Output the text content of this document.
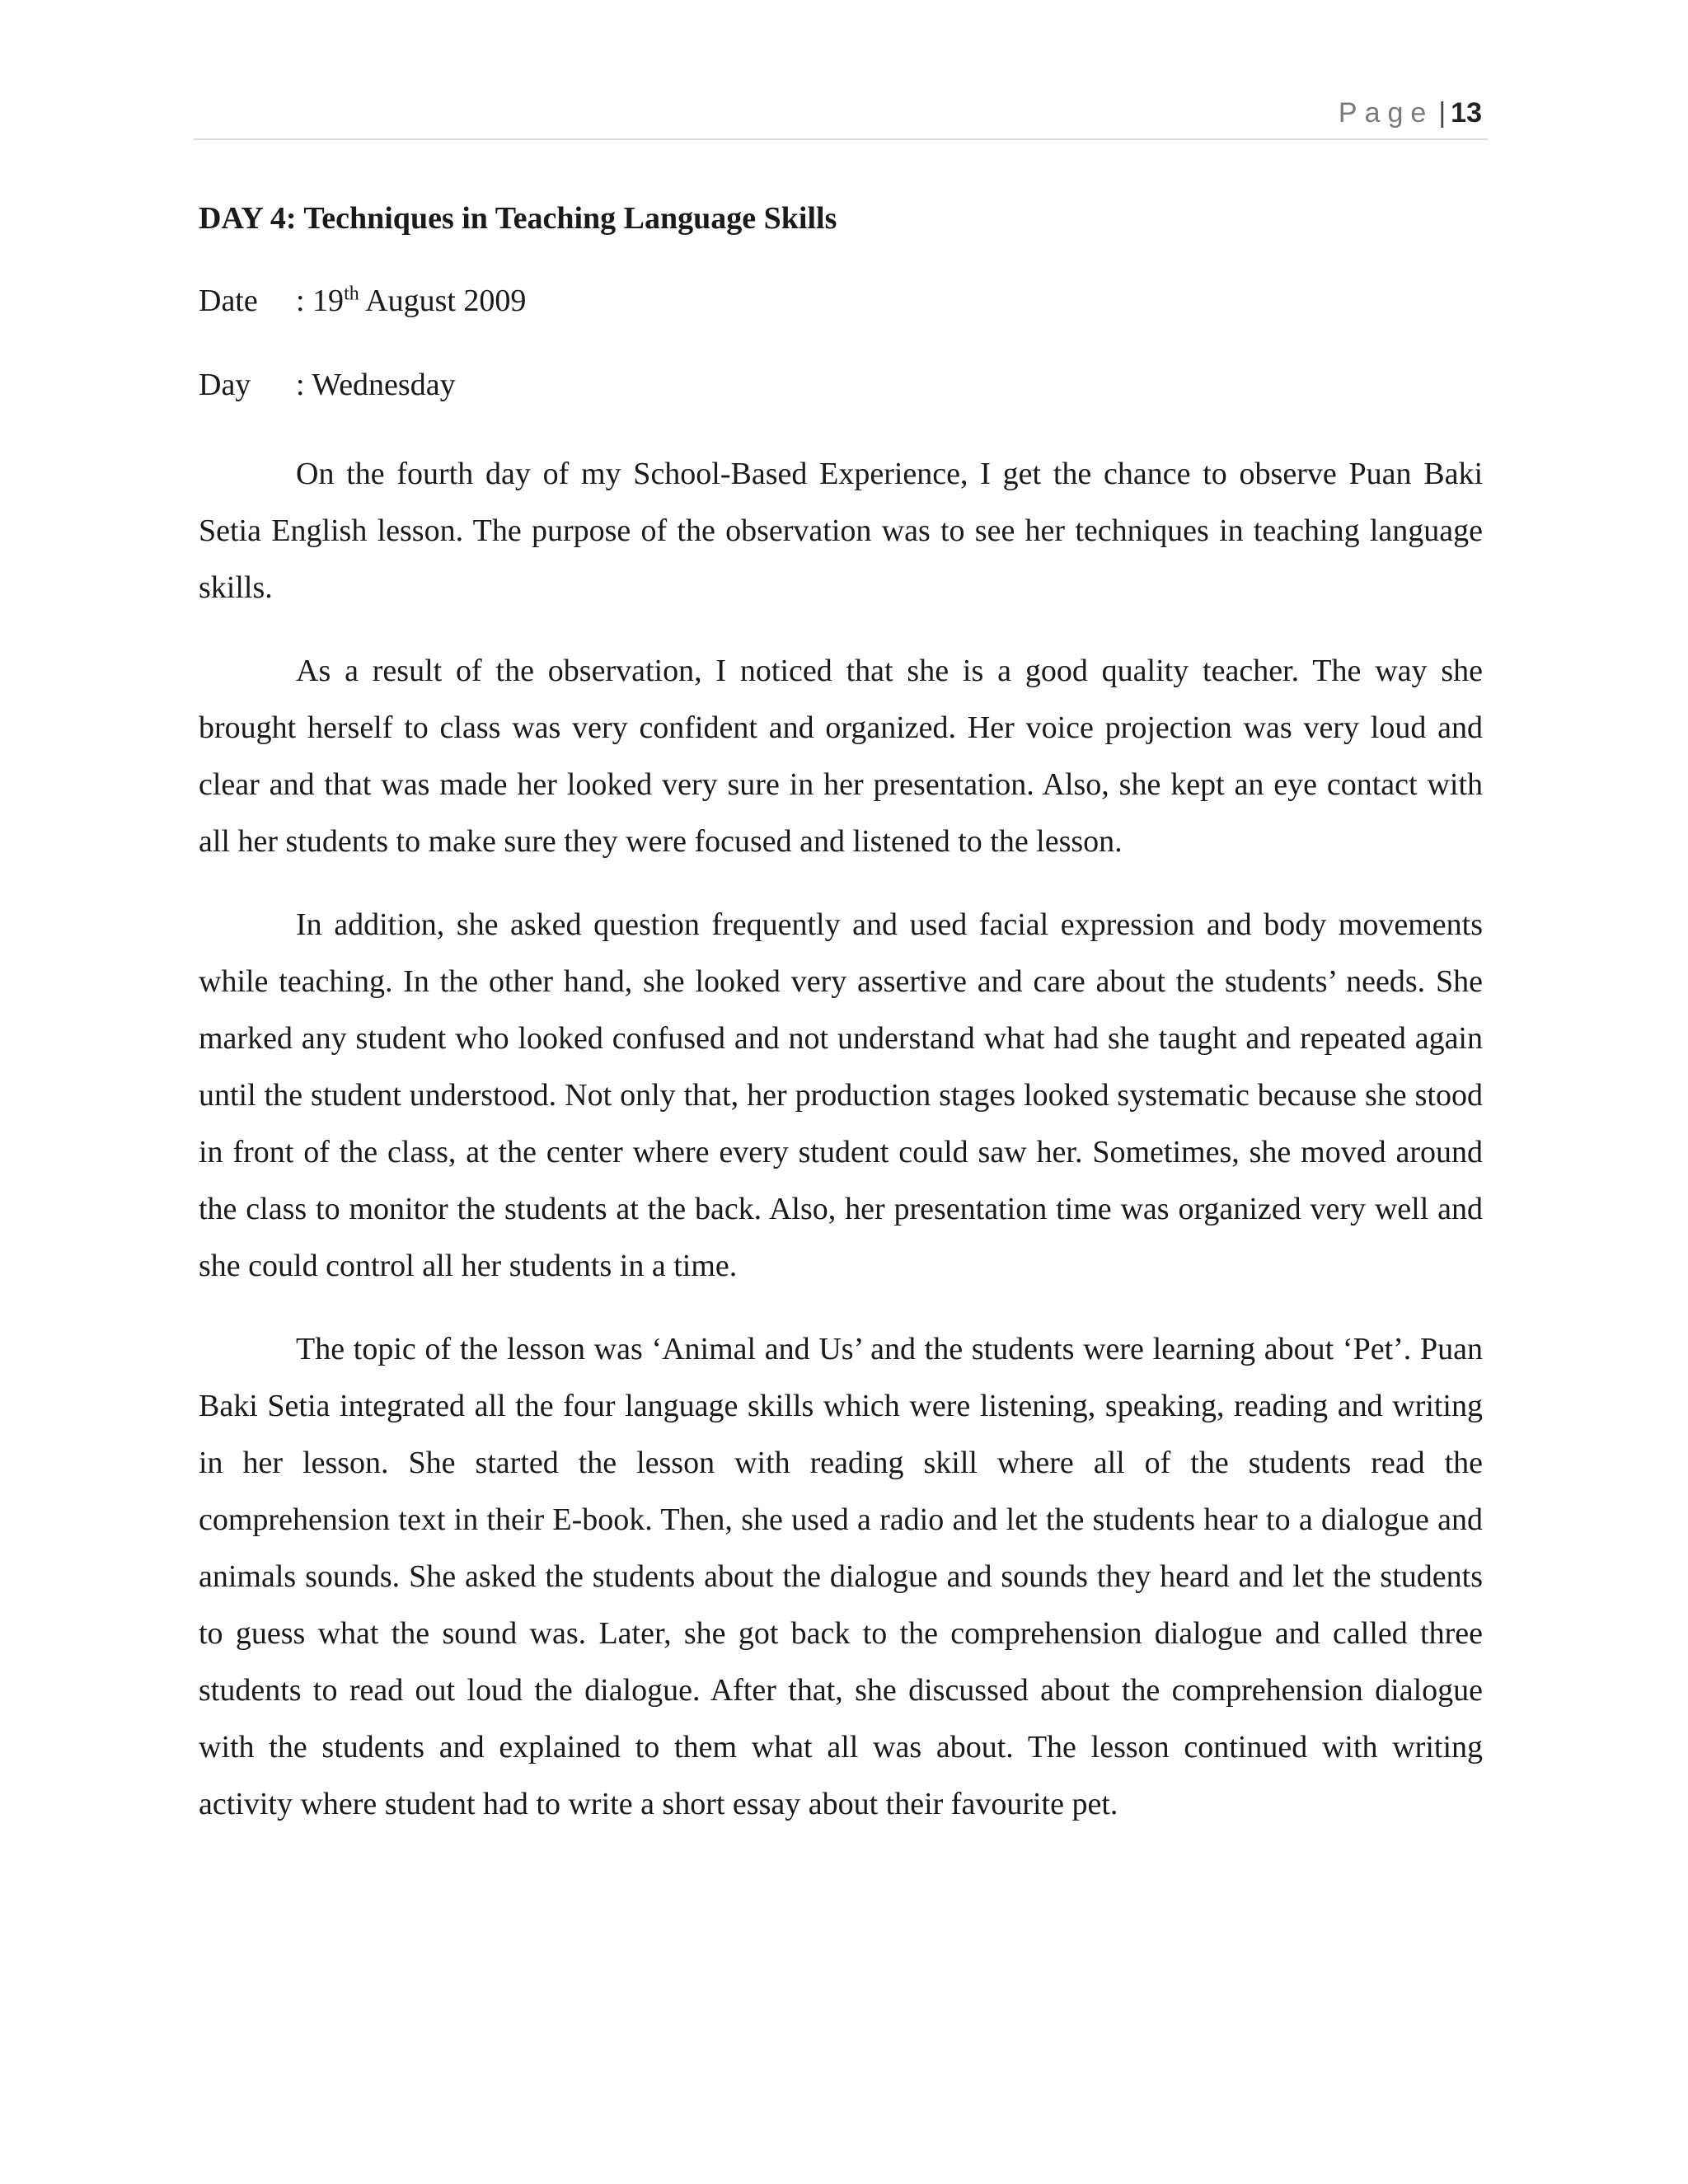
Page | 13
DAY 4: Techniques in Teaching Language Skills
Date	: 19th August 2009
Day	: Wednesday

On the fourth day of my School-Based Experience, I get the chance to observe Puan Baki Setia English lesson. The purpose of the observation was to see her techniques in teaching language skills.

As a result of the observation, I noticed that she is a good quality teacher. The way she brought herself to class was very confident and organized. Her voice projection was very loud and clear and that was made her looked very sure in her presentation. Also, she kept an eye contact with all her students to make sure they were focused and listened to the lesson.

In addition, she asked question frequently and used facial expression and body movements while teaching. In the other hand, she looked very assertive and care about the students’ needs. She marked any student who looked confused and not understand what had she taught and repeated again until the student understood. Not only that, her production stages looked systematic because she stood in front of the class, at the center where every student could saw her. Sometimes, she moved around the class to monitor the students at the back. Also, her presentation time was organized very well and she could control all her students in a time.

The topic of the lesson was ‘Animal and Us’ and the students were learning about ‘Pet’. Puan Baki Setia integrated all the four language skills which were listening, speaking, reading and writing in her lesson. She started the lesson with reading skill where all of the students read the comprehension text in their E-book. Then, she used a radio and let the students hear to a dialogue and animals sounds. She asked the students about the dialogue and sounds they heard and let the students to guess what the sound was. Later, she got back to the comprehension dialogue and called three students to read out loud the dialogue. After that, she discussed about the comprehension dialogue with the students and explained to them what all was about. The lesson continued with writing activity where student had to write a short essay about their favourite pet.
